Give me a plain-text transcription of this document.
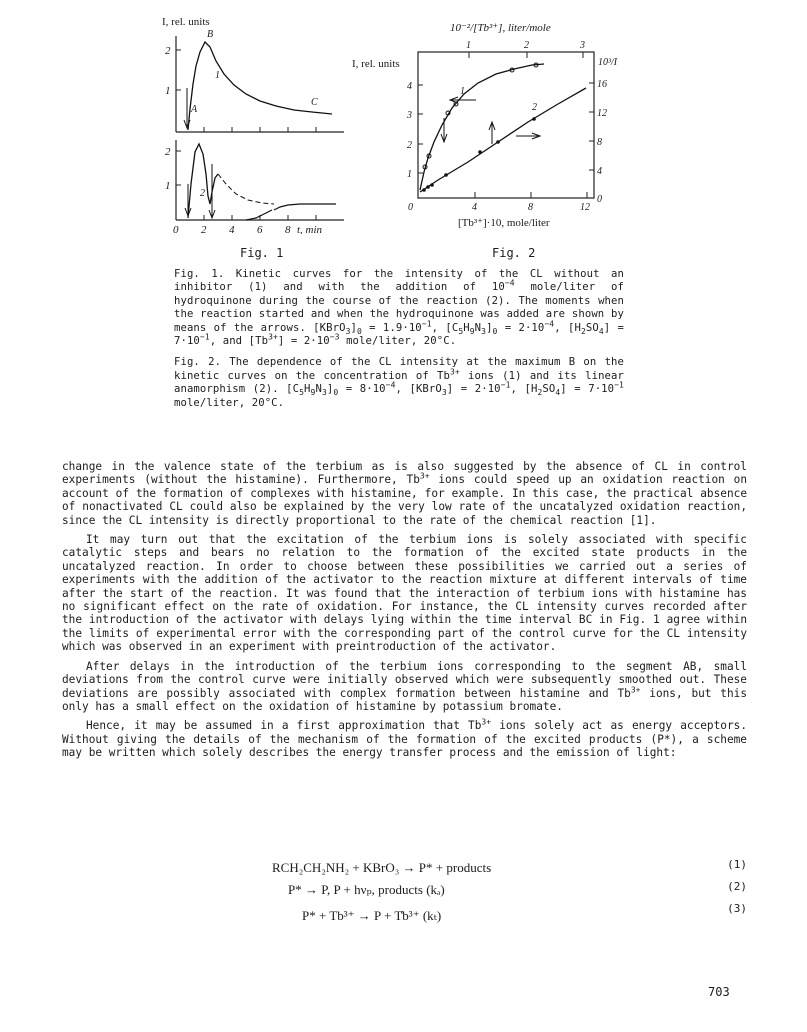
I, rel. units
B
2
1
1
A
C
2
1
2
0 2 4 6 8 t, min
10⁻²/[Tb³⁺], liter/mole
1	2	3
I, rel. units	10³/I
4
3
2
1
16
12
8
4
0
0	4	8	12
[Tb³⁺]·10, mole/liter
1
2
Fig. 1	Fig. 2

Fig. 1. Kinetic curves for the intensity of the CL without an inhibitor (1) and with the addition of $10^{-4}$ mole/liter of hydroquinone during the course of the reaction (2). The moments when the reaction started and when the hydroquinone was added are shown by means of the arrows. $[KBrO_3]_0 = 1.9\cdot 10^{-1}$, $[C_5H_9N_3]_0 = 2\cdot 10^{-4}$, $[H_2SO_4] = 7\cdot 10^{-1}$, and $[Tb^{3+}] = 2\cdot 10^{-3}$ mole/liter, 20°C.

Fig. 2. The dependence of the CL intensity at the maximum B on the kinetic curves on the concentration of $Tb^{3+}$ ions (1) and its linear anamorphism (2). $[C_5H_9N_3]_0 = 8\cdot 10^{-4}$, [KBrO$_3$] = $2\cdot 10^{-1}$, $[H_2SO_4] = 7\cdot 10^{-1}$ mole/liter, 20°C.

change in the valence state of the terbium as is also suggested by the absence of CL in control experiments (without the histamine). Furthermore, $Tb^{3+}$ ions could speed up an oxidation reaction on account of the formation of complexes with histamine, for example. In this case, the practical absence of nonactivated CL could also be explained by the very low rate of the uncatalyzed oxidation reaction, since the CL intensity is directly proportional to the rate of the chemical reaction [1].

It may turn out that the excitation of the terbium ions is solely associated with specific catalytic steps and bears no relation to the formation of the excited state products in the uncatalyzed reaction. In order to choose between these possibilities we carried out a series of experiments with the addition of the activator to the reaction mixture at different intervals of time after the start of the reaction. It was found that the interaction of terbium ions with histamine has no significant effect on the rate of oxidation. For instance, the CL intensity curves recorded after the introduction of the activator with delays lying within the time interval BC in Fig. 1 agree within the limits of experimental error with the corresponding part of the control curve for the CL intensity which was observed in an experiment with preintroduction of the activator.

After delays in the introduction of the terbium ions corresponding to the segment AB, small deviations from the control curve were initially observed which were subsequently smoothed out. These deviations are possibly associated with complex formation between histamine and $Tb^{3+}$ ions, but this only has a small effect on the oxidation of histamine by potassium bromate.

Hence, it may be assumed in a first approximation that $Tb^{3+}$ ions solely act as energy acceptors. Without giving the details of the mechanism of the formation of the excited products (P*), a scheme may be written which solely describes the energy transfer process and the emission of light:

RCH₂CH₂NH₂ + KBrO₃ → P* + products	(1)
P* → P, P + hνₚ, products (kₔ)	(2)
P* + Tb³⁺ → P + T̊b³⁺ (kₜ)	(3)
703
